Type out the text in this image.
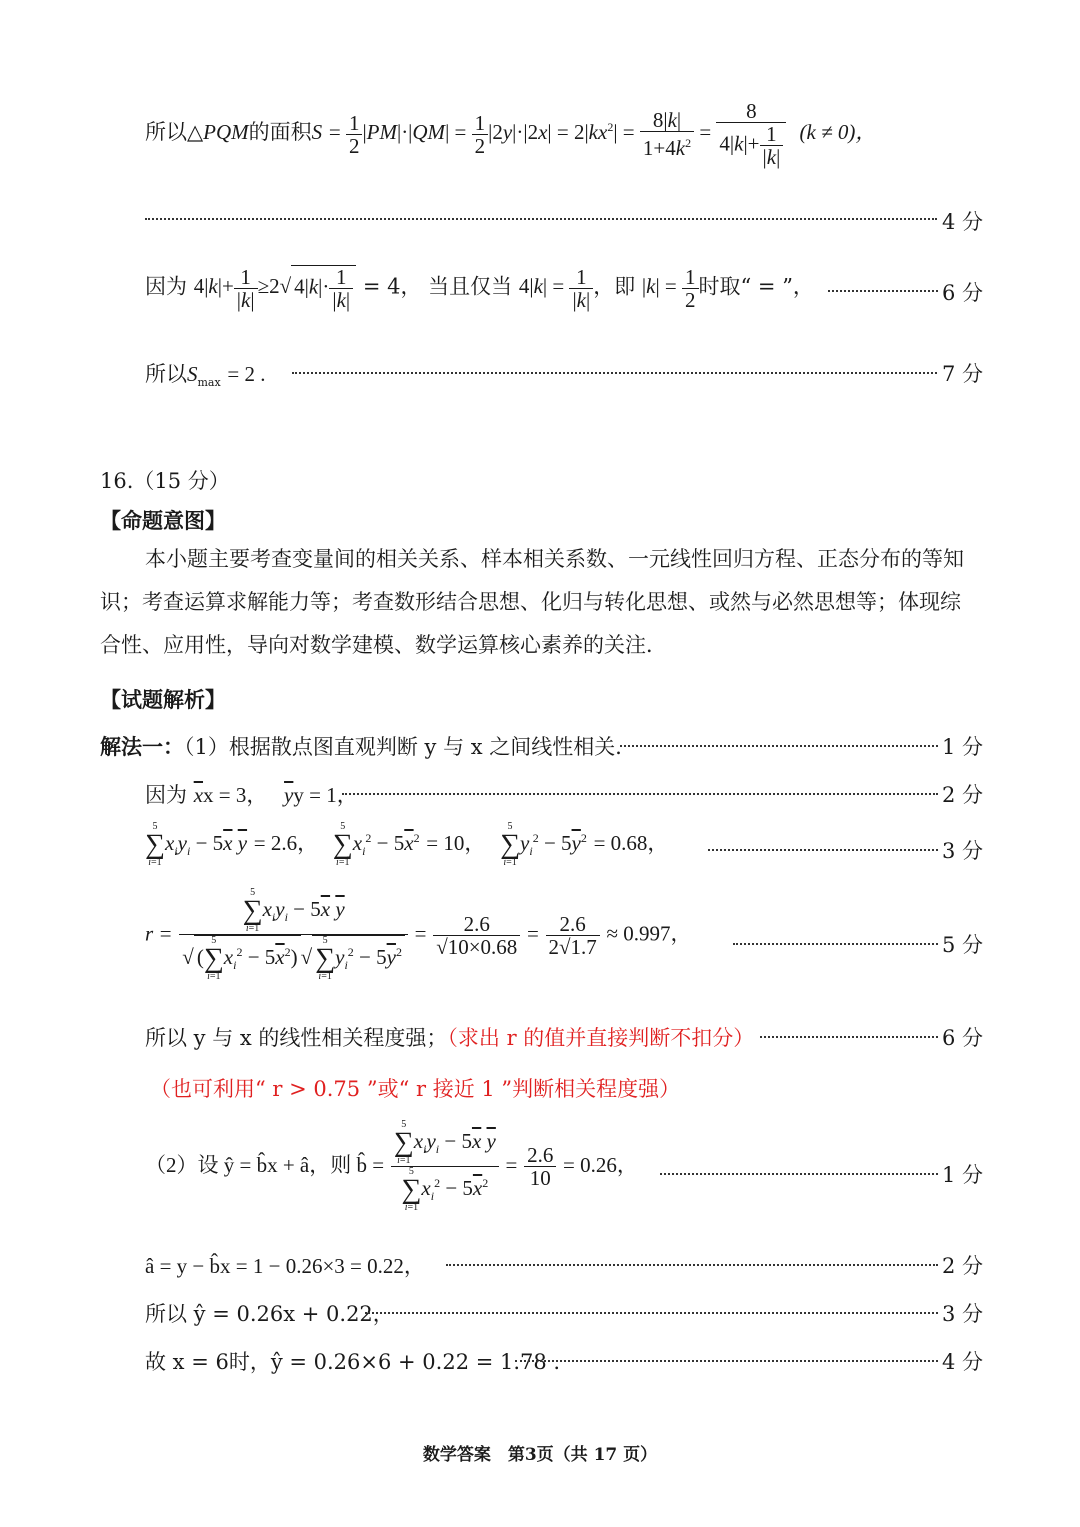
所以△PQM的面积$S = \frac{1}{2} |PM|\cdot|QM| = \frac{1}{2} |2y|\cdot|2x| = 2|kx^2| = \frac{8|k|}{1+4k^2} = \frac{8}{4|k|+ \frac{1}{|k|}} (k \ne 0)$，
4 分
因为 $4|k|+ \frac{1}{|k|} \ge 2√$ $4|k|\cdot \frac{1}{|k|} = 4$， 当且仅当 $4|k| = \frac{1}{|k|}$ ，即 $|k| = \frac{1}{2}$ 时取“ = ”，	6 分
所以$S_{max} = 2$ .	7 分
16.（15 分）
【命题意图】
本小题主要考查变量间的相关关系、样本相关系数、一元线性回归方程、正态分布的等知识；考查运算求解能力等；考查数形结合思想、化归与转化思想、或然与必然思想等；体现综合性、应用性，导向对数学建模、数学运算核心素养的关注．
【试题解析】
解法一：（1）根据散点图直观判断 y 与 x 之间线性相关．	1 分
因为 $\overline{x}x = 3$， $\overline{y}y = 1$，	2 分
5
∑
i=1
$x_iy_i - 5\overline{x}$ $\overline{y} = 2.6$，
5
∑
i=1
$x_i^2 - 5\overline{x}^2 = 10$，
5
∑
i=1
$y_i^2 - 5\overline{y}^2 = 0.68$，	3 分
r =
5
∑
i=1
$x_iy_i - 5\overline{x}$ $\overline{y}$
√ (
5
∑
i=1
$x_i^2 - 5\overline{x}^2$) √
5
∑
i=1
$y_i^2 - 5\overline{y}^2$
= $\frac{2.6}{√10\times 0.68} = \frac{2.6}{2√1.7} \approx 0.997$，	5 分
所以 y 与 x 的线性相关程度强；（求出 r 的值并直接判断不扣分）	6 分
（也可利用“ r > 0.75 ”或“ r 接近 1 ”判断相关程度强）
（2）设 ŷ = b̂x + â，则 b̂ =
5
∑
i=1
$x_iy_i - 5\overline{x}$ $\overline{y}$
5
∑
i=1
$x_i^2 - 5\overline{x}^2$
= $\frac{2.6}{10} = 0.26$，	1 分
â = y − b̂x = 1 − 0.26×3 = 0.22，	2 分
所以 ŷ = 0.26x + 0.22，	3 分
故 x = 6时，ŷ = 0.26×6 + 0.22 = 1.78 .	4 分
数学答案　第3页（共 17 页）
